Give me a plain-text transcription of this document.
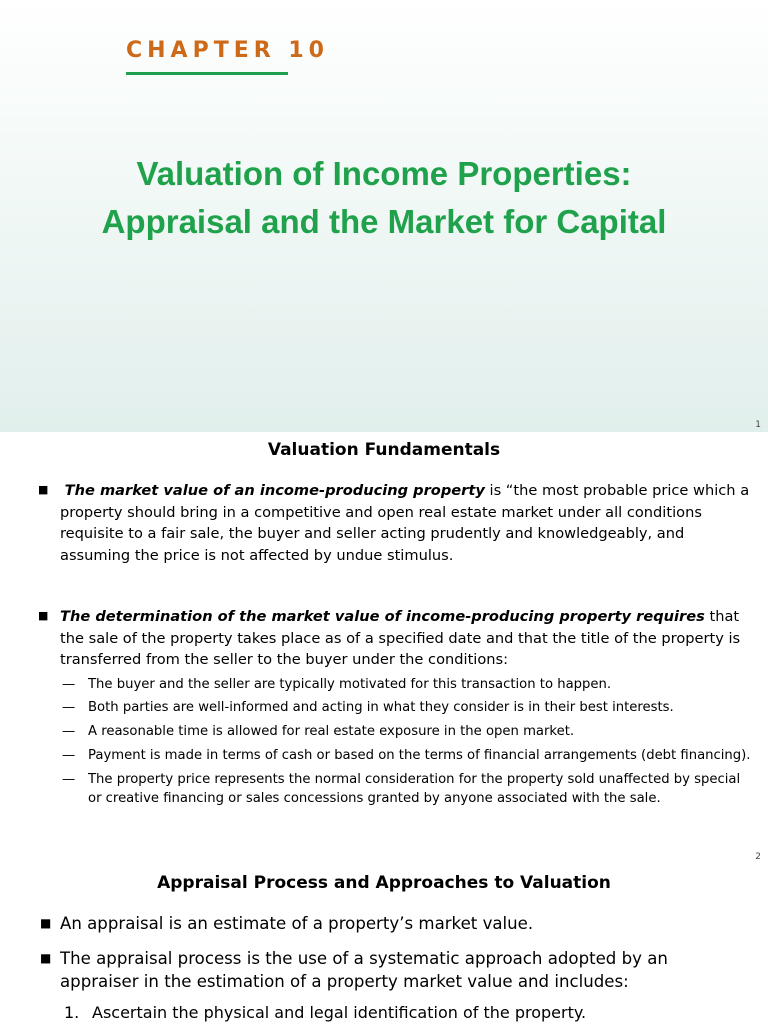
CHAPTER 10
Valuation of Income Properties:
Appraisal and the Market for Capital
1
Valuation Fundamentals
■	The market value of an income-producing property is “the most probable price which a property should bring in a competitive and open real estate market under all conditions requisite to a fair sale, the buyer and seller acting prudently and knowledgeably, and assuming the price is not affected by undue stimulus.
■ The determination of the market value of income-producing property requires that the sale of the property takes place as of a specified date and that the title of the property is transferred from the seller to the buyer under the conditions:
— The buyer and the seller are typically motivated for this transaction to happen.
— Both parties are well-informed and acting in what they consider is in their best interests.
— A reasonable time is allowed for real estate exposure in the open market.
— Payment is made in terms of cash or based on the terms of financial arrangements (debt financing).
— The property price represents the normal consideration for the property sold unaffected by special or creative financing or sales concessions granted by anyone associated with the sale.
2
Appraisal Process and Approaches to Valuation
■ An appraisal is an estimate of a property’s market value.
■ The appraisal process is the use of a systematic approach adopted by an appraiser in the estimation of a property market value and includes:
1. Ascertain the physical and legal identification of the property.
